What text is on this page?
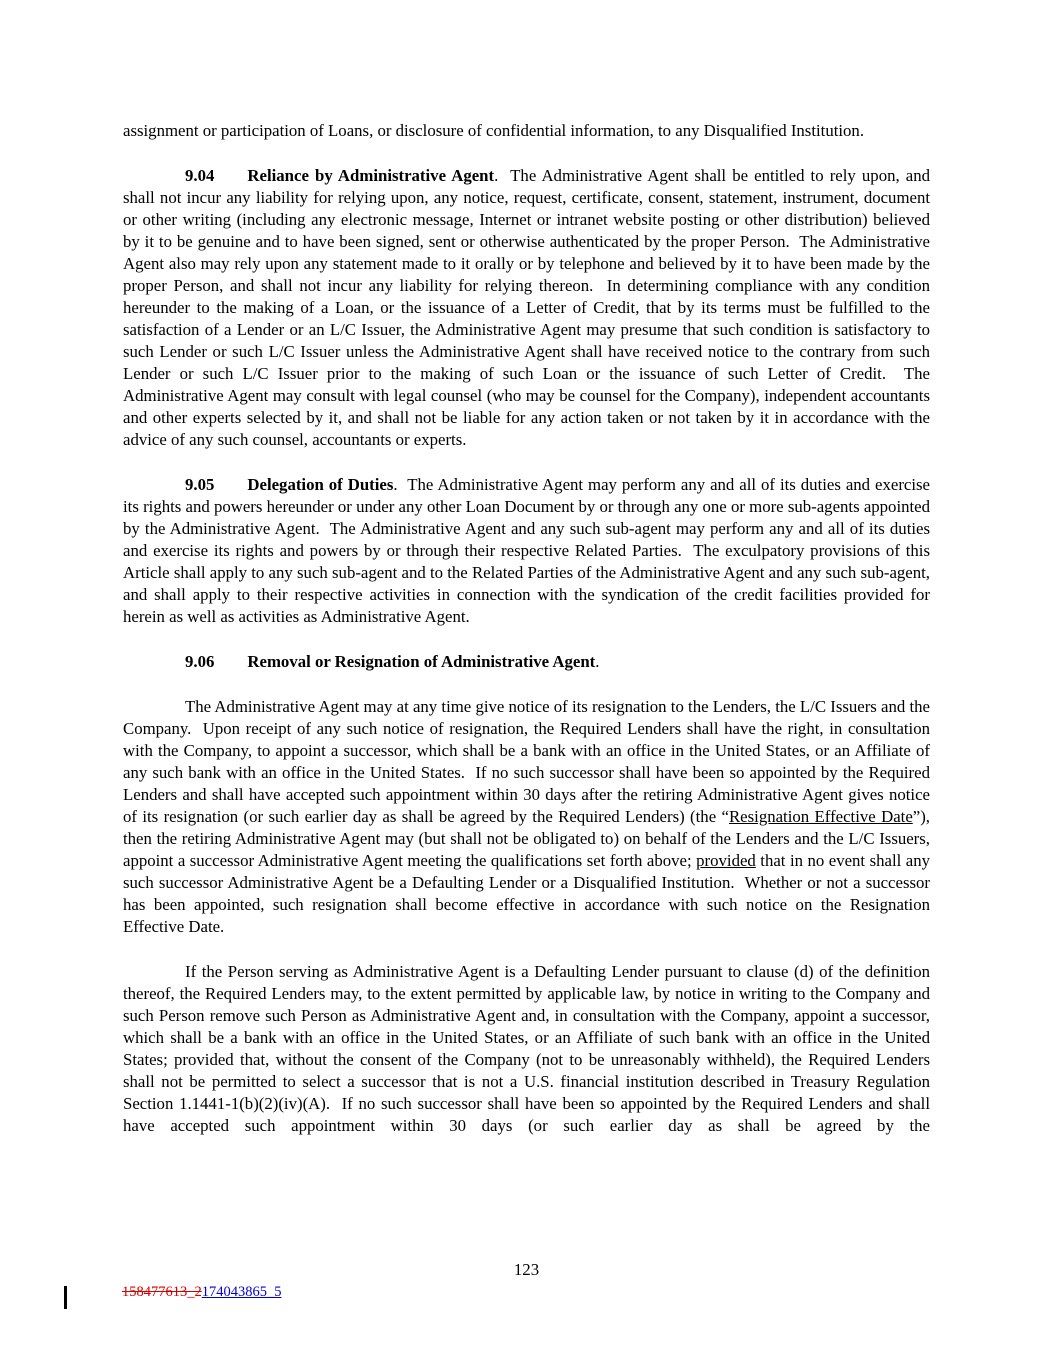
assignment or participation of Loans, or disclosure of confidential information, to any Disqualified Institution.

9.04 Reliance by Administrative Agent.  The Administrative Agent shall be entitled to rely upon, and shall not incur any liability for relying upon, any notice, request, certificate, consent, statement, instrument, document or other writing (including any electronic message, Internet or intranet website posting or other distribution) believed by it to be genuine and to have been signed, sent or otherwise authenticated by the proper Person.  The Administrative Agent also may rely upon any statement made to it orally or by telephone and believed by it to have been made by the proper Person, and shall not incur any liability for relying thereon.  In determining compliance with any condition hereunder to the making of a Loan, or the issuance of a Letter of Credit, that by its terms must be fulfilled to the satisfaction of a Lender or an L/C Issuer, the Administrative Agent may presume that such condition is satisfactory to such Lender or such L/C Issuer unless the Administrative Agent shall have received notice to the contrary from such Lender or such L/C Issuer prior to the making of such Loan or the issuance of such Letter of Credit.  The Administrative Agent may consult with legal counsel (who may be counsel for the Company), independent accountants and other experts selected by it, and shall not be liable for any action taken or not taken by it in accordance with the advice of any such counsel, accountants or experts.

9.05 Delegation of Duties.  The Administrative Agent may perform any and all of its duties and exercise its rights and powers hereunder or under any other Loan Document by or through any one or more sub-agents appointed by the Administrative Agent.  The Administrative Agent and any such sub-agent may perform any and all of its duties and exercise its rights and powers by or through their respective Related Parties.  The exculpatory provisions of this Article shall apply to any such sub-agent and to the Related Parties of the Administrative Agent and any such sub-agent, and shall apply to their respective activities in connection with the syndication of the credit facilities provided for herein as well as activities as Administrative Agent.

9.06 Removal or Resignation of Administrative Agent.

The Administrative Agent may at any time give notice of its resignation to the Lenders, the L/C Issuers and the Company.  Upon receipt of any such notice of resignation, the Required Lenders shall have the right, in consultation with the Company, to appoint a successor, which shall be a bank with an office in the United States, or an Affiliate of any such bank with an office in the United States.  If no such successor shall have been so appointed by the Required Lenders and shall have accepted such appointment within 30 days after the retiring Administrative Agent gives notice of its resignation (or such earlier day as shall be agreed by the Required Lenders) (the “Resignation Effective Date”), then the retiring Administrative Agent may (but shall not be obligated to) on behalf of the Lenders and the L/C Issuers, appoint a successor Administrative Agent meeting the qualifications set forth above; provided that in no event shall any such successor Administrative Agent be a Defaulting Lender or a Disqualified Institution.  Whether or not a successor has been appointed, such resignation shall become effective in accordance with such notice on the Resignation Effective Date.

If the Person serving as Administrative Agent is a Defaulting Lender pursuant to clause (d) of the definition thereof, the Required Lenders may, to the extent permitted by applicable law, by notice in writing to the Company and such Person remove such Person as Administrative Agent and, in consultation with the Company, appoint a successor, which shall be a bank with an office in the United States, or an Affiliate of such bank with an office in the United States; provided that, without the consent of the Company (not to be unreasonably withheld), the Required Lenders shall not be permitted to select a successor that is not a U.S. financial institution described in Treasury Regulation Section 1.1441-1(b)(2)(iv)(A).  If no such successor shall have been so appointed by the Required Lenders and shall have accepted such appointment within 30 days (or such earlier day as shall be agreed by the

123
158477613_2174043865_5
